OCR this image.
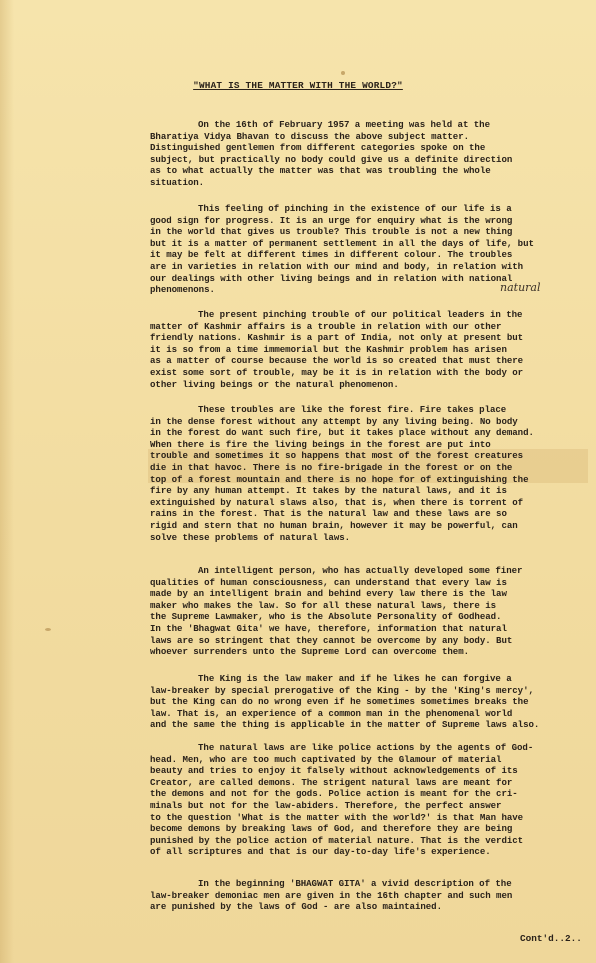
"WHAT IS THE MATTER WITH THE WORLD?"

On the 16th of February 1957 a meeting was held at the
Bharatiya Vidya Bhavan to discuss the above subject matter.
Distinguished gentlemen from different categories spoke on the
subject, but practically no body could give us a definite direction
as to what actually the matter was that was troubling the whole
situation.

This feeling of pinching in the existence of our life is a
good sign for progress. It is an urge for enquiry what is the wrong
in the world that gives us trouble? This trouble is not a new thing
but it is a matter of permanent settlement in all the days of life, but
it may be felt at different times in different colour. The troubles
are in varieties in relation with our mind and body, in relation with
our dealings with other living beings and in relation with national
phenomenons.	natural

The present pinching trouble of our political leaders in the
matter of Kashmir affairs is a trouble in relation with our other
friendly nations. Kashmir is a part of India, not only at present but
it is so from a time immemorial but the Kashmir problem has arisen
as a matter of course because the world is so created that must there
exist some sort of trouble, may be it is in relation with the body or
other living beings or the natural phenomenon.

These troubles are like the forest fire. Fire takes place
in the dense forest without any attempt by any living being. No body
in the forest do want such fire, but it takes place without any demand.
When there is fire the living beings in the forest are put into
trouble and sometimes it so happens that most of the forest creatures
die in that havoc. There is no fire-brigade in the forest or on the
top of a forest mountain and there is no hope for of extinguishing the
fire by any human attempt. It takes by the natural laws, and it is
extinguished by natural slaws also, that is, when there is torrent of
rains in the forest. That is the natural law and these laws are so
rigid and stern that no human brain, however it may be powerful, can
solve these problems of natural laws.

An intelligent person, who has actually developed some finer
qualities of human consciousness, can understand that every law is
made by an intelligent brain and behind every law there is the law
maker who makes the law. So for all these natural laws, there is
the Supreme Lawmaker, who is the Absolute Personality of Godhead.
In the 'Bhagwat Gita' we have, therefore, information that natural
laws are so stringent that they cannot be overcome by any body. But
whoever surrenders unto the Supreme Lord can overcome them.

The King is the law maker and if he likes he can forgive a
law-breaker by special prerogative of the King - by the 'King's mercy',
but the King can do no wrong even if he sometimes sometimes breaks the
law. That is, an experience of a common man in the phenomenal world
and the same the thing is applicable in the matter of Supreme laws also.

The natural laws are like police actions by the agents of God-
head. Men, who are too much captivated by the Glamour of material
beauty and tries to enjoy it falsely without acknowledgements of its
Creator, are called demons. The strigent natural laws are meant for
the demons and not for the gods. Police action is meant for the cri-
minals but not for the law-abiders. Therefore, the perfect answer
to the question 'What is the matter with the world?' is that Man have
become demons by breaking laws of God, and therefore they are being
punished by the police action of material nature. That is the verdict
of all scriptures and that is our day-to-day life's experience.

In the beginning 'BHAGWAT GITA' a vivid description of the
law-breaker demoniac men are given in the 16th chapter and such men
are punished by the laws of God - are also maintained.

Cont'd..2..
